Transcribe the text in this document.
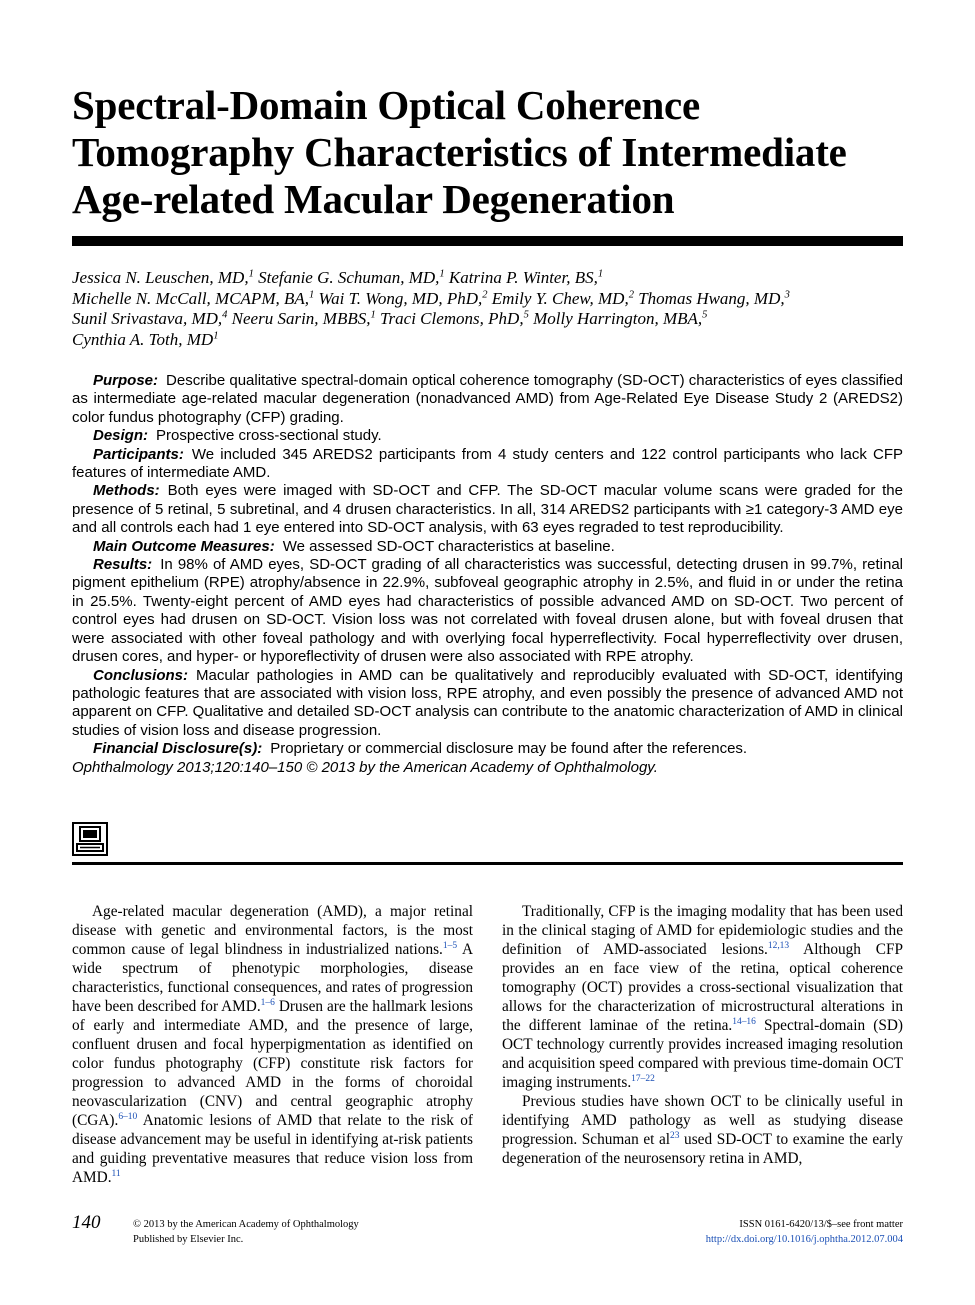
Spectral-Domain Optical Coherence
Tomography Characteristics of Intermediate
Age-related Macular Degeneration
Jessica N. Leuschen, MD,$^1$ Stefanie G. Schuman, MD,$^1$ Katrina P. Winter, BS,$^1$
Michelle N. McCall, MCAPM, BA,$^1$ Wai T. Wong, MD, PhD,$^2$ Emily Y. Chew, MD,$^2$ Thomas Hwang, MD,$^3$
Sunil Srivastava, MD,$^4$ Neeru Sarin, MBBS,$^1$ Traci Clemons, PhD,$^5$ Molly Harrington, MBA,$^5$
Cynthia A. Toth, $MD^1$

Purpose: Describe qualitative spectral-domain optical coherence tomography (SD-OCT) characteristics of eyes classified as intermediate age-related macular degeneration (nonadvanced AMD) from Age-Related Eye Disease Study 2 (AREDS2) color fundus photography (CFP) grading.

Design: Prospective cross-sectional study.

Participants: We included 345 AREDS2 participants from 4 study centers and 122 control participants who lack CFP features of intermediate AMD.

Methods: Both eyes were imaged with SD-OCT and CFP. The SD-OCT macular volume scans were graded for the presence of 5 retinal, 5 subretinal, and 4 drusen characteristics. In all, 314 AREDS2 participants with ≥1 category-3 AMD eye and all controls each had 1 eye entered into SD-OCT analysis, with 63 eyes regraded to test reproducibility.

Main Outcome Measures: We assessed SD-OCT characteristics at baseline.

Results: In 98% of AMD eyes, SD-OCT grading of all characteristics was successful, detecting drusen in 99.7%, retinal pigment epithelium (RPE) atrophy/absence in 22.9%, subfoveal geographic atrophy in 2.5%, and fluid in or under the retina in 25.5%. Twenty-eight percent of AMD eyes had characteristics of possible advanced AMD on SD-OCT. Two percent of control eyes had drusen on SD-OCT. Vision loss was not correlated with foveal drusen alone, but with foveal drusen that were associated with other foveal pathology and with overlying focal hyperreflectivity. Focal hyperreflectivity over drusen, drusen cores, and hyper- or hyporeflectivity of drusen were also associated with RPE atrophy.

Conclusions: Macular pathologies in AMD can be qualitatively and reproducibly evaluated with SD-OCT, identifying pathologic features that are associated with vision loss, RPE atrophy, and even possibly the presence of advanced AMD not apparent on CFP. Qualitative and detailed SD-OCT analysis can contribute to the anatomic characterization of AMD in clinical studies of vision loss and disease progression.

Financial Disclosure(s): Proprietary or commercial disclosure may be found after the references.

Ophthalmology 2013;120:140–150 © 2013 by the American Academy of Ophthalmology.

Age-related macular degeneration (AMD), a major retinal disease with genetic and environmental factors, is the most common cause of legal blindness in industrialized nations.$^{1-5}$ A wide spectrum of phenotypic morphologies, disease characteristics, functional consequences, and rates of progression have been described for AMD.$^{1-6}$ Drusen are the hallmark lesions of early and intermediate AMD, and the presence of large, confluent drusen and focal hyperpigmentation as identified on color fundus photography (CFP) constitute risk factors for progression to advanced AMD in the forms of choroidal neovascularization (CNV) and central geographic atrophy (CGA).$^{6-10}$ Anatomic lesions of AMD that relate to the risk of disease advancement may be useful in identifying at-risk patients and guiding preventative measures that reduce vision loss from AMD.$^{11}$

Traditionally, CFP is the imaging modality that has been used in the clinical staging of AMD for epidemiologic studies and the definition of AMD-associated lesions.$^{12,13}$ Although CFP provides an en face view of the retina, optical coherence tomography (OCT) provides a cross-sectional visualization that allows for the characterization of microstructural alterations in the different laminae of the retina.$^{14-16}$ Spectral-domain (SD) OCT technology currently provides increased imaging resolution and acquisition speed compared with previous time-domain OCT imaging instruments.$^{17-22}$

Previous studies have shown OCT to be clinically useful in identifying AMD pathology as well as studying disease progression. Schuman et al$^{23}$ used SD-OCT to examine the early degeneration of the neurosensory retina in AMD,

140	© 2013 by the American Academy of Ophthalmology
Published by Elsevier Inc.
ISSN 0161-6420/13/$–see front matter
http://dx.doi.org/10.1016/j.ophtha.2012.07.004
